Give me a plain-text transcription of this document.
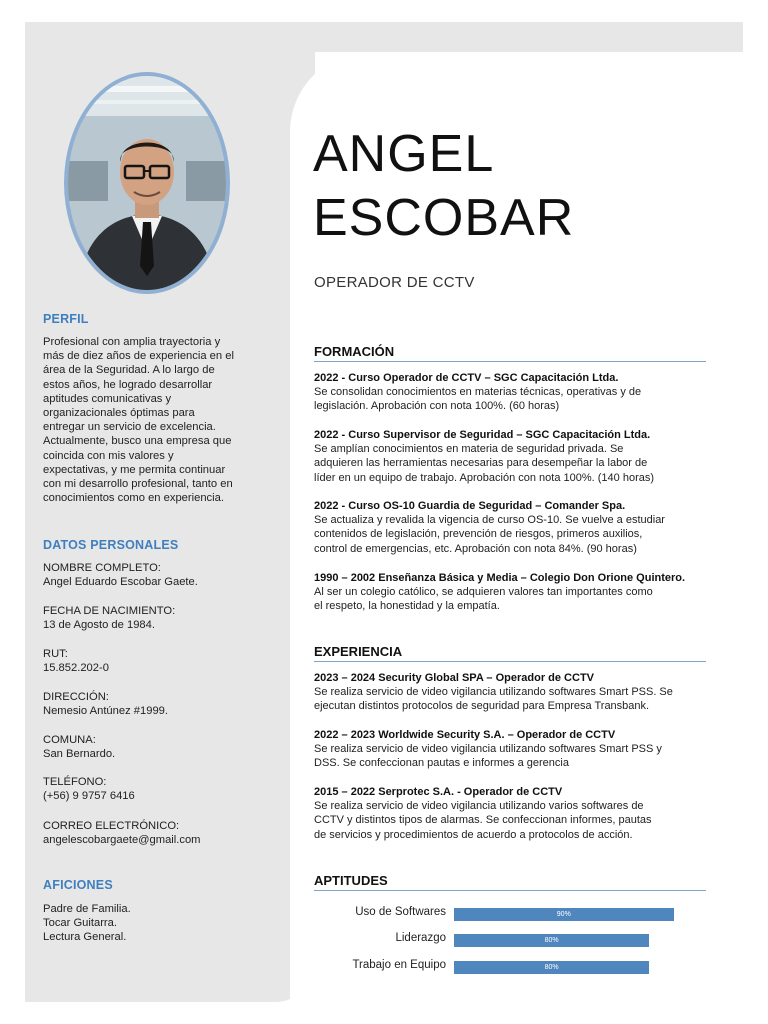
PERFIL
Profesional con amplia trayectoria y
más de diez años de experiencia en el
área de la Seguridad. A lo largo de
estos años, he logrado desarrollar
aptitudes comunicativas y
organizacionales óptimas para
entregar un servicio de excelencia.
Actualmente, busco una empresa que
coincida con mis valores y
expectativas, y me permita continuar
con mi desarrollo profesional, tanto en
conocimientos como en experiencia.
DATOS PERSONALES
NOMBRE COMPLETO:
Angel Eduardo Escobar Gaete.
FECHA DE NACIMIENTO:
13 de Agosto de 1984.
RUT:
15.852.202-0
DIRECCIÓN:
Nemesio Antúnez #1999.
COMUNA:
San Bernardo.
TELÉFONO:
(+56) 9 9757 6416
CORREO ELECTRÓNICO:
angelescobargaete@gmail.com
AFICIONES
Padre de Familia.
Tocar Guitarra.
Lectura General.
ANGEL
ESCOBAR
OPERADOR DE CCTV
FORMACIÓN
2022 - Curso Operador de CCTV – SGC Capacitación Ltda.
Se consolidan conocimientos en materias técnicas, operativas y de
legislación. Aprobación con nota 100%. (60 horas)
2022 - Curso Supervisor de Seguridad – SGC Capacitación Ltda.
Se amplían conocimientos en materia de seguridad privada. Se
adquieren las herramientas necesarias para desempeñar la labor de
líder en un equipo de trabajo. Aprobación con nota 100%. (140 horas)
2022 - Curso OS-10 Guardia de Seguridad – Comander Spa.
Se actualiza y revalida la vigencia de curso OS-10. Se vuelve a estudiar
contenidos de legislación, prevención de riesgos, primeros auxilios,
control de emergencias, etc. Aprobación con nota 84%. (90 horas)
1990 – 2002 Enseñanza Básica y Media – Colegio Don Orione Quintero.
Al ser un colegio católico, se adquieren valores tan importantes como
el respeto, la honestidad y la empatía.
EXPERIENCIA
2023 – 2024 Security Global SPA – Operador de CCTV
Se realiza servicio de video vigilancia utilizando softwares Smart PSS. Se
ejecutan distintos protocolos de seguridad para Empresa Transbank.
2022 – 2023 Worldwide Security S.A. – Operador de CCTV
Se realiza servicio de video vigilancia utilizando softwares Smart PSS y
DSS. Se confeccionan pautas e informes a gerencia
2015 – 2022 Serprotec S.A. - Operador de CCTV
Se realiza servicio de video vigilancia utilizando varios softwares de
CCTV y distintos tipos de alarmas. Se confeccionan informes, pautas
de servicios y procedimientos de acuerdo a protocolos de acción.
APTITUDES
Uso de Softwares	90%
Liderazgo	80%
Trabajo en Equipo	80%
